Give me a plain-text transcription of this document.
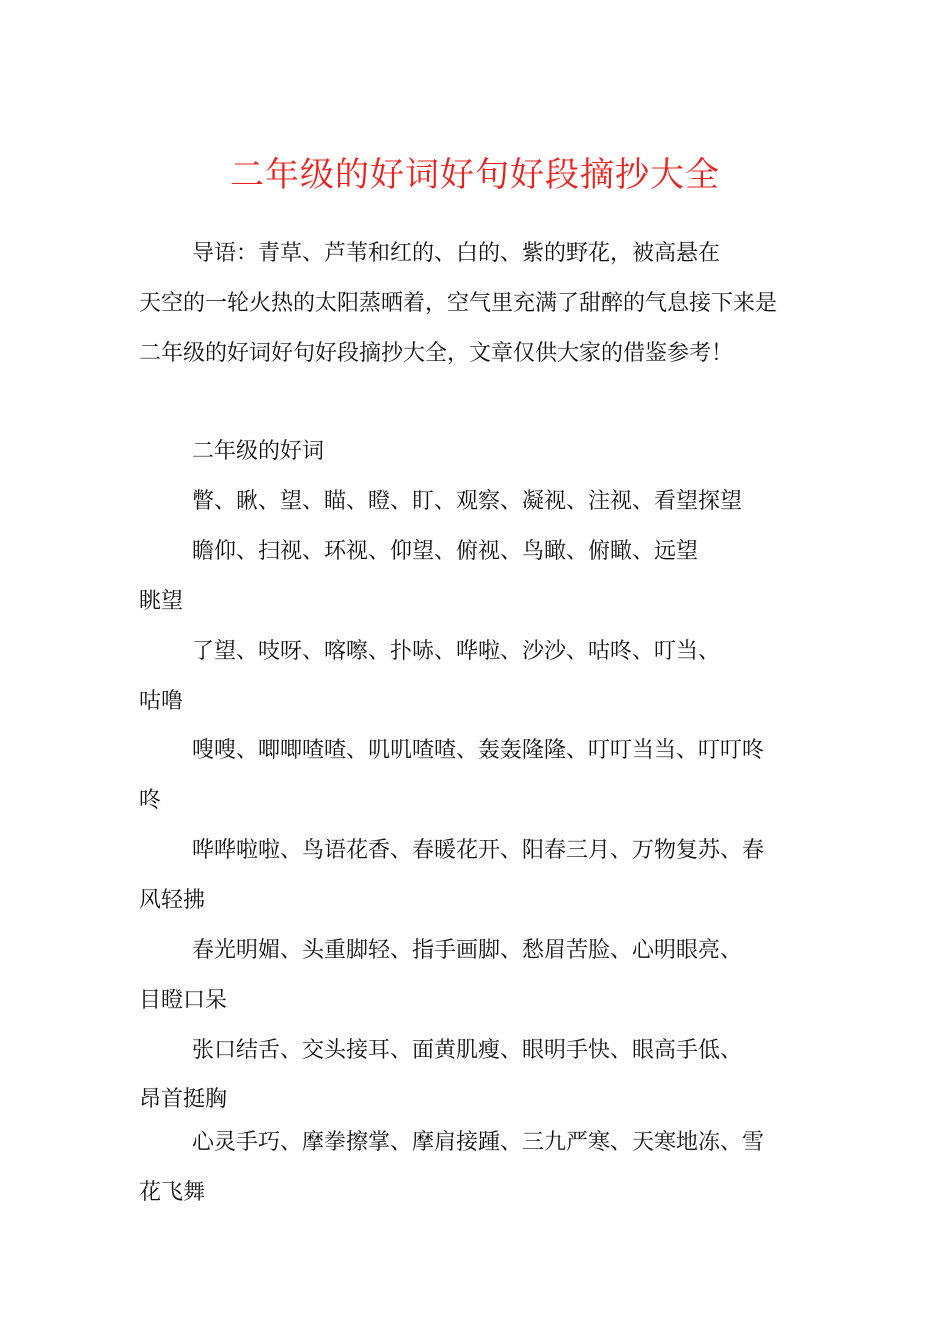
二年级的好词好句好段摘抄大全
导语：青草、芦苇和红的、白的、紫的野花，被高悬在
天空的一轮火热的太阳蒸晒着，空气里充满了甜醉的气息接下来是
二年级的好词好句好段摘抄大全，文章仅供大家的借鉴参考！
二年级的好词
瞥、瞅、望、瞄、瞪、盯、观察、凝视、注视、看望探望
瞻仰、扫视、环视、仰望、俯视、鸟瞰、俯瞰、远望
眺望
了望、吱呀、喀嚓、扑哧、哗啦、沙沙、咕咚、叮当、
咕噜
嗖嗖、唧唧喳喳、叽叽喳喳、轰轰隆隆、叮叮当当、叮叮咚
咚
哗哗啦啦、鸟语花香、春暖花开、阳春三月、万物复苏、春
风轻拂
春光明媚、头重脚轻、指手画脚、愁眉苦脸、心明眼亮、
目瞪口呆
张口结舌、交头接耳、面黄肌瘦、眼明手快、眼高手低、
昂首挺胸
心灵手巧、摩拳擦掌、摩肩接踵、三九严寒、天寒地冻、雪
花飞舞
